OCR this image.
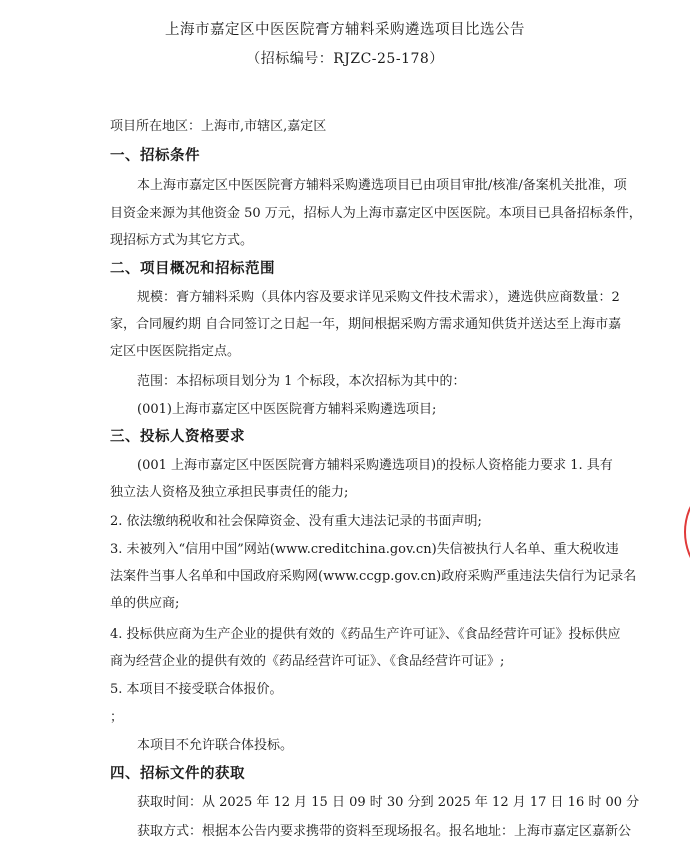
上海市嘉定区中医医院膏方辅料采购遴选项目比选公告
（招标编号：RJZC-25-178）
项目所在地区：上海市,市辖区,嘉定区
一、招标条件
本上海市嘉定区中医医院膏方辅料采购遴选项目已由项目审批/核准/备案机关批准，项
目资金来源为其他资金 50 万元，招标人为上海市嘉定区中医医院。本项目已具备招标条件，
现招标方式为其它方式。
二、项目概况和招标范围
规模：膏方辅料采购（具体内容及要求详见采购文件技术需求），遴选供应商数量：2
家，合同履约期 自合同签订之日起一年，期间根据采购方需求通知供货并送达至上海市嘉
定区中医医院指定点。
范围：本招标项目划分为 1 个标段，本次招标为其中的：
(001)上海市嘉定区中医医院膏方辅料采购遴选项目;
三、投标人资格要求
(001 上海市嘉定区中医医院膏方辅料采购遴选项目)的投标人资格能力要求 1. 具有
独立法人资格及独立承担民事责任的能力;
2. 依法缴纳税收和社会保障资金、没有重大违法记录的书面声明;
3. 未被列入“信用中国”网站(www.creditchina.gov.cn)失信被执行人名单、重大税收违
法案件当事人名单和中国政府采购网(www.ccgp.gov.cn)政府采购严重违法失信行为记录名
单的供应商;
4. 投标供应商为生产企业的提供有效的《药品生产许可证》、《食品经营许可证》投标供应
商为经营企业的提供有效的《药品经营许可证》、《食品经营许可证》;
5. 本项目不接受联合体报价。
；
本项目不允许联合体投标。
四、招标文件的获取
获取时间：从 2025 年 12 月 15 日 09 时 30 分到 2025 年 12 月 17 日 16 时 00 分
获取方式：根据本公告内要求携带的资料至现场报名。报名地址：上海市嘉定区嘉新公
